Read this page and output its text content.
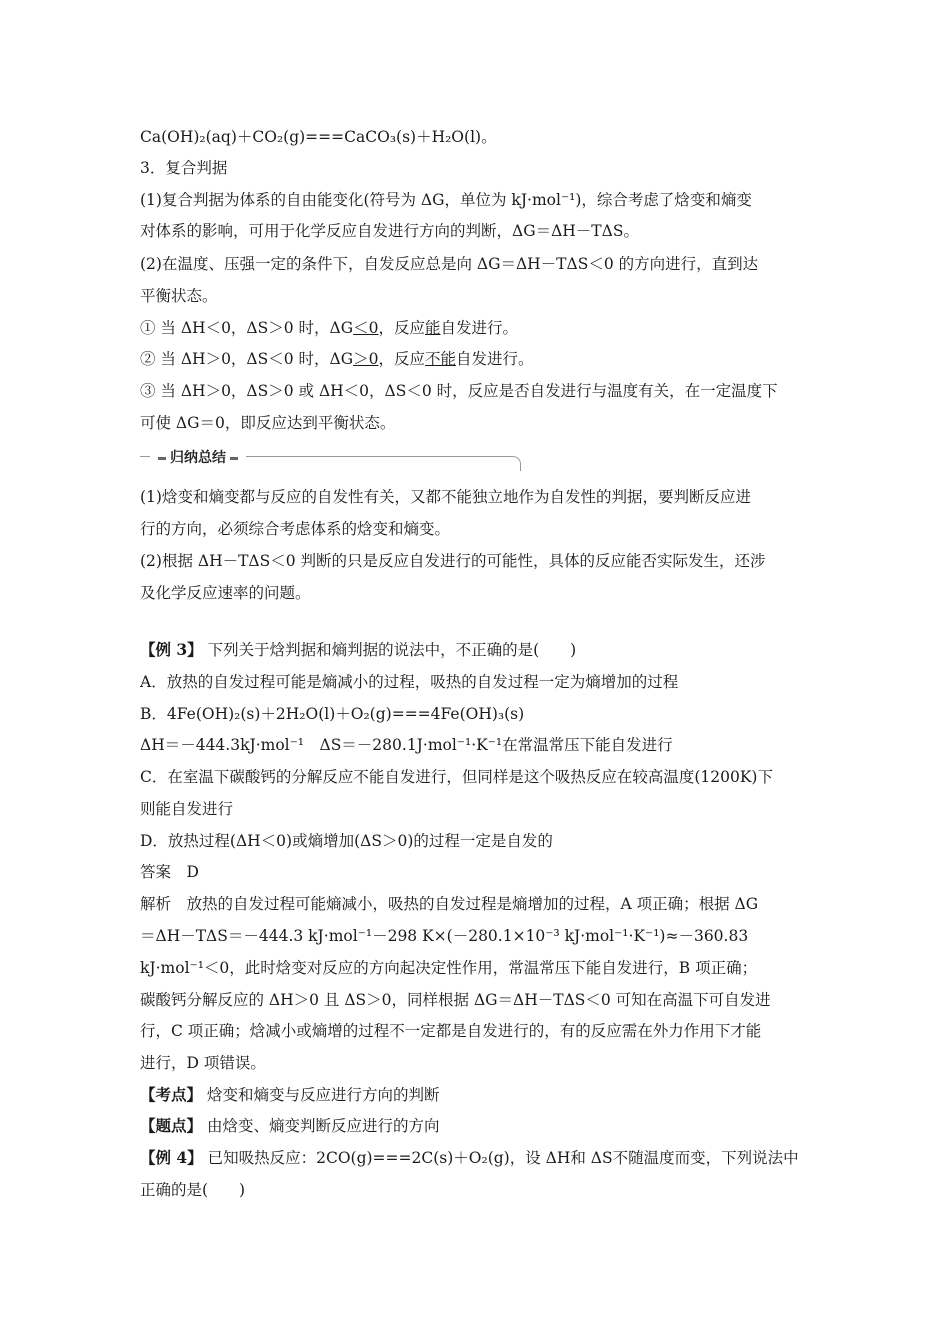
Ca(OH)₂(aq)＋CO₂(g)===CaCO₃(s)＋H₂O(l)。
3．复合判据
(1)复合判据为体系的自由能变化(符号为 ΔG，单位为 kJ·mol⁻¹)，综合考虑了焓变和熵变
对体系的影响，可用于化学反应自发进行方向的判断，ΔG＝ΔH－TΔS。
(2)在温度、压强一定的条件下，自发反应总是向 ΔG＝ΔH－TΔS＜0 的方向进行，直到达
平衡状态。
① 当 ΔH＜0，ΔS＞0 时，ΔG＜0，反应能自发进行。
② 当 ΔH＞0，ΔS＜0 时，ΔG＞0，反应不能自发进行。
③ 当 ΔH＞0，ΔS＞0 或 ΔH＜0，ΔS＜0 时，反应是否自发进行与温度有关，在一定温度下
可使 ΔG＝0，即反应达到平衡状态。
归纳总结
(1)焓变和熵变都与反应的自发性有关，又都不能独立地作为自发性的判据，要判断反应进
行的方向，必须综合考虑体系的焓变和熵变。
(2)根据 ΔH－TΔS＜0 判断的只是反应自发进行的可能性，具体的反应能否实际发生，还涉
及化学反应速率的问题。
【例 3】 下列关于焓判据和熵判据的说法中，不正确的是(　　)
A．放热的自发过程可能是熵减小的过程，吸热的自发过程一定为熵增加的过程
B．4Fe(OH)₂(s)＋2H₂O(l)＋O₂(g)===4Fe(OH)₃(s)
ΔH＝－444.3kJ·mol⁻¹　ΔS＝－280.1J·mol⁻¹·K⁻¹在常温常压下能自发进行
C．在室温下碳酸钙的分解反应不能自发进行，但同样是这个吸热反应在较高温度(1200K)下
则能自发进行
D．放热过程(ΔH＜0)或熵增加(ΔS＞0)的过程一定是自发的
答案　D
解析　放热的自发过程可能熵减小，吸热的自发过程是熵增加的过程，A 项正确；根据 ΔG
＝ΔH－TΔS＝－444.3 kJ·mol⁻¹－298 K×(－280.1×10⁻³ kJ·mol⁻¹·K⁻¹)≈－360.83
kJ·mol⁻¹＜0，此时焓变对反应的方向起决定性作用，常温常压下能自发进行，B 项正确；
碳酸钙分解反应的 ΔH＞0 且 ΔS＞0，同样根据 ΔG＝ΔH－TΔS＜0 可知在高温下可自发进
行，C 项正确；焓减小或熵增的过程不一定都是自发进行的，有的反应需在外力作用下才能
进行，D 项错误。
【考点】 焓变和熵变与反应进行方向的判断
【题点】 由焓变、熵变判断反应进行的方向
【例 4】 已知吸热反应：2CO(g)===2C(s)＋O₂(g)，设 ΔH和 ΔS不随温度而变，下列说法中
正确的是(　　)
